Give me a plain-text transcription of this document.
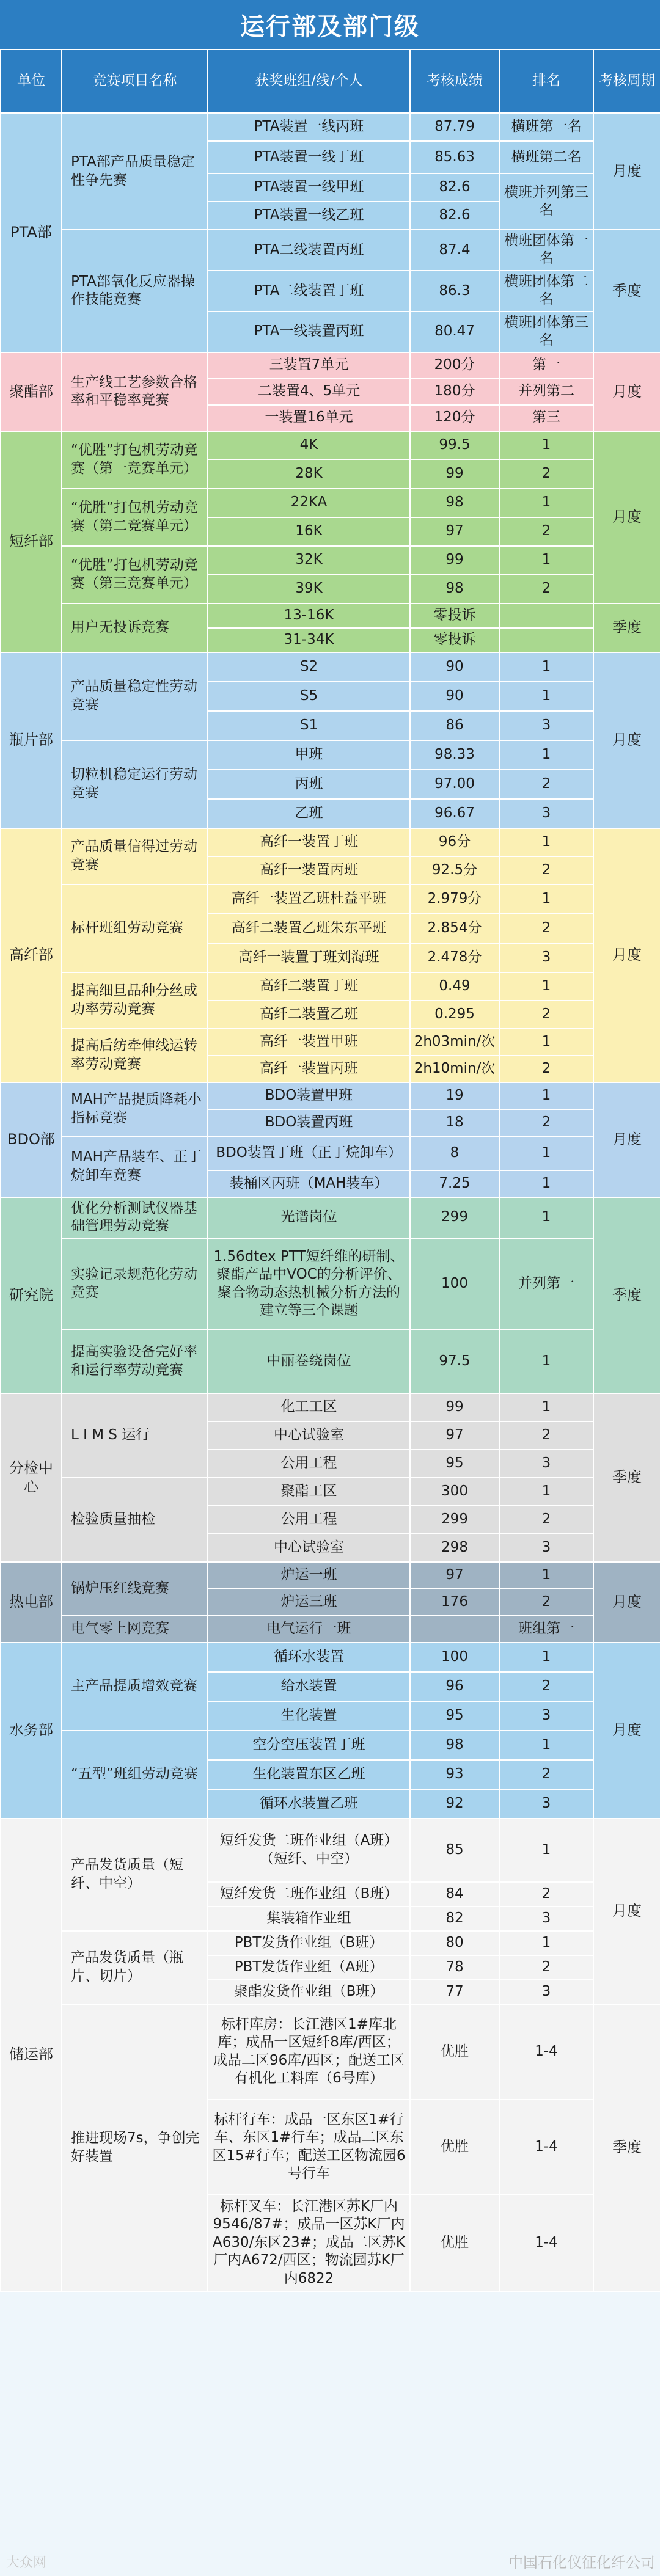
运行部及部门级
单位	竞赛项目名称	获奖班组/线/个人	考核成绩	排名	考核周期
PTA部	PTA部产品质量稳定性争先赛	PTA装置一线丙班	87.79	横班第一名	月度
		PTA装置一线丁班	85.63	横班第二名	
		PTA装置一线甲班	82.6	横班并列第三名	
		PTA装置一线乙班	82.6		
	PTA部氧化反应器操作技能竞赛	PTA二线装置丙班	87.4	横班团体第一名	季度
		PTA二线装置丁班	86.3	横班团体第二名	
		PTA一线装置丙班	80.47	横班团体第三名	
聚酯部	生产线工艺参数合格率和平稳率竞赛	三装置7单元	200分	第一	月度
		二装置4、5单元	180分	并列第二	
		一装置16单元	120分	第三	
短纤部	“优胜”打包机劳动竞赛（第一竞赛单元）	4K	99.5	1	月度
		28K	99	2	
	“优胜”打包机劳动竞赛（第二竞赛单元）	22KA	98	1	
		16K	97	2	
	“优胜”打包机劳动竞赛（第三竞赛单元）	32K	99	1	
		39K	98	2	
	用户无投诉竞赛	13-16K	零投诉		季度
		31-34K	零投诉		
瓶片部	产品质量稳定性劳动竞赛	S2	90	1	月度
		S5	90	1	
		S1	86	3	
	切粒机稳定运行劳动竞赛	甲班	98.33	1	
		丙班	97.00	2	
		乙班	96.67	3	
高纤部	产品质量信得过劳动竞赛	高纤一装置丁班	96分	1	月度
		高纤一装置丙班	92.5分	2	
	标杆班组劳动竞赛	高纤一装置乙班杜益平班	2.979分	1	
		高纤二装置乙班朱东平班	2.854分	2	
		高纤一装置丁班刘海班	2.478分	3	
	提高细旦品种分丝成功率劳动竞赛	高纤二装置丁班	0.49	1	
		高纤二装置乙班	0.295	2	
	提高后纺牵伸线运转率劳动竞赛	高纤一装置甲班	2h03min/次	1	
		高纤一装置丙班	2h10min/次	2	
BDO部	MAH产品提质降耗小指标竞赛	BDO装置甲班	19	1	月度
		BDO装置丙班	18	2	
	MAH产品装车、正丁烷卸车竞赛	BDO装置丁班（正丁烷卸车）	8	1	
		装桶区丙班（MAH装车）	7.25	1	
研究院	优化分析测试仪器基础管理劳动竞赛	光谱岗位	299	1	季度
	实验记录规范化劳动竞赛	1.56dtex PTT短纤维的研制、聚酯产品中VOC的分析评价、聚合物动态热机械分析方法的建立等三个课题	100	并列第一	
	提高实验设备完好率和运行率劳动竞赛	中丽卷绕岗位	97.5	1	
分检中心	L I M S 运行	化工工区	99	1	季度
		中心试验室	97	2	
		公用工程	95	3	
	检验质量抽检	聚酯工区	300	1	
		公用工程	299	2	
		中心试验室	298	3	
热电部	锅炉压红线竞赛	炉运一班	97	1	月度
		炉运三班	176	2	
	电气零上网竞赛	电气运行一班		班组第一	
水务部	主产品提质增效竞赛	循环水装置	100	1	月度
		给水装置	96	2	
		生化装置	95	3	
	“五型”班组劳动竞赛	空分空压装置丁班	98	1	
		生化装置东区乙班	93	2	
		循环水装置乙班	92	3	
储运部	产品发货质量（短纤、中空）	短纤发货二班作业组（A班）（短纤、中空）	85	1	月度
		短纤发货二班作业组（B班）	84	2	
		集装箱作业组	82	3	
	产品发货质量（瓶片、切片）	PBT发货作业组（B班）	80	1	
		PBT发货作业组（A班）	78	2	
		聚酯发货作业组（B班）	77	3	
	推进现场7s，争创完好装置	标杆库房：长江港区1#库北库；成品一区短纤8库/西区；成品二区96库/西区；配送工区有机化工料库（6号库）	优胜	1-4	季度
		标杆行车：成品一区东区1#行车、东区1#行车；成品二区东区15#行车；配送工区物流园6号行车	优胜	1-4	
		标杆叉车：长江港区苏K厂内9546/87#；成品一区苏K厂内A630/东区23#；成品二区苏K厂内A672/西区；物流园苏K厂内6822	优胜	1-4	
大众网	中国石化仪征化纤公司
